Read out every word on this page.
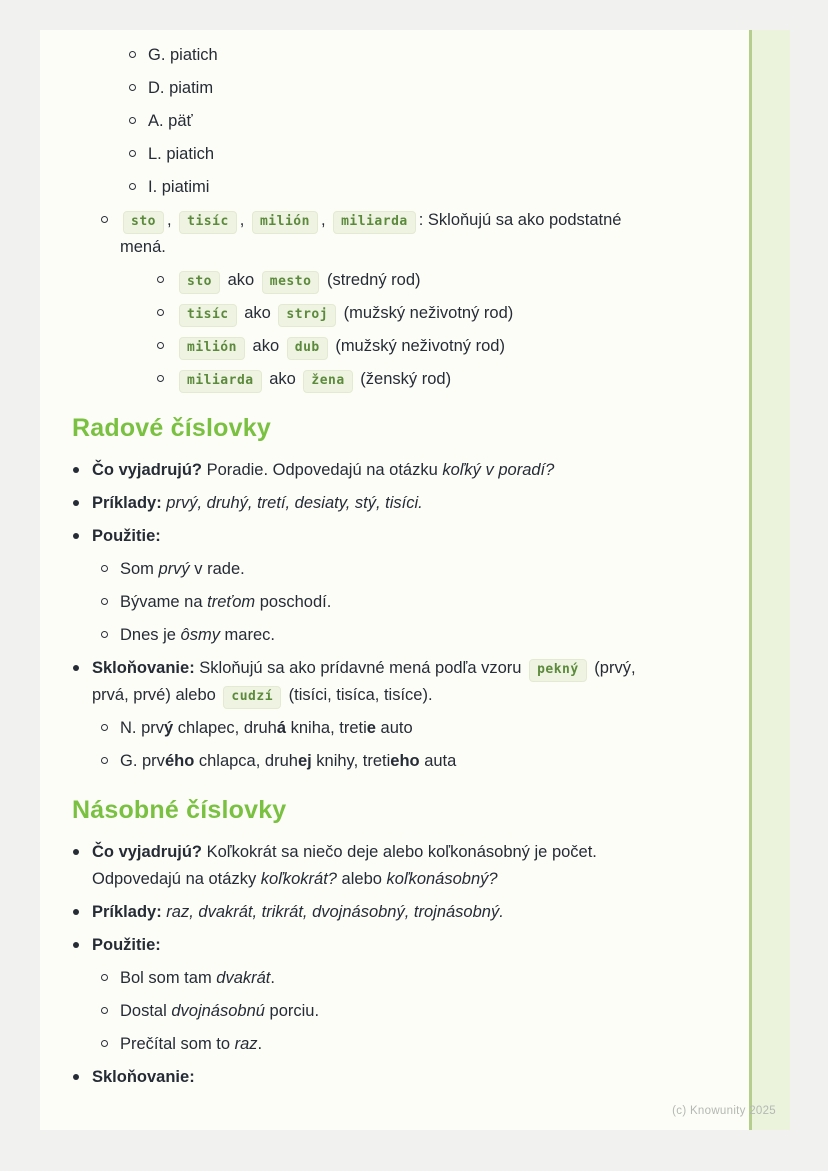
G. piatich
D. piatim
A. päť
L. piatich
I. piatimi
sto , tisíc , milión , miliarda : Skloňujú sa ako podstatné
mená.
sto ako mesto (stredný rod)
tisíc ako stroj (mužský neživotný rod)
milión ako dub (mužský neživotný rod)
miliarda ako žena (ženský rod)
Radové číslovky
Čo vyjadrujú? Poradie. Odpovedajú na otázku koľký v poradí?
Príklady: prvý, druhý, tretí, desiaty, stý, tisíci.
Použitie:
Som prvý v rade.
Bývame na treťom poschodí.
Dnes je ôsmy marec.
Skloňovanie: Skloňujú sa ako prídavné mená podľa vzoru pekný (prvý,
prvá, prvé) alebo cudzí (tisíci, tisíca, tisíce).
N. prvý chlapec, druhá kniha, tretie auto
G. prvého chlapca, druhej knihy, tretieho auta
Násobné číslovky
Čo vyjadrujú? Koľkokrát sa niečo deje alebo koľkonásobný je počet.
Odpovedajú na otázky koľkokrát? alebo koľkonásobný?
Príklady: raz, dvakrát, trikrát, dvojnásobný, trojnásobný.
Použitie:
Bol som tam dvakrát.
Dostal dvojnásobnú porciu.
Prečítal som to raz.
Skloňovanie:
(c) Knowunity 2025
